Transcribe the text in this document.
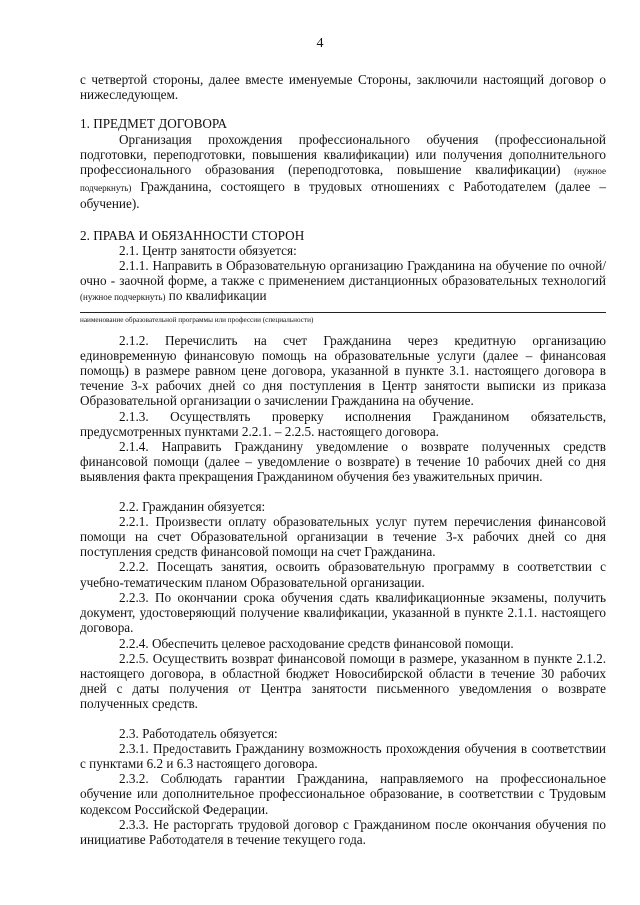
4

с четвертой стороны, далее вместе именуемые Стороны, заключили настоящий договор о нижеследующем.

1. ПРЕДМЕТ ДОГОВОРА

Организация прохождения профессионального обучения (профессиональной подготовки, переподготовки, повышения квалификации) или получения дополнительного профессионального образования (переподготовка, повышение квалификации) (нужное подчеркнуть) Гражданина, состоящего в трудовых отношениях с Работодателем (далее – обучение).

2. ПРАВА И ОБЯЗАННОСТИ СТОРОН

2.1. Центр занятости обязуется:

2.1.1. Направить в Образовательную организацию Гражданина на обучение по очной/очно - заочной форме, а также с применением дистанционных образовательных технологий (нужное подчеркнуть) по квалификации

наименование образовательной программы или профессии (специальности)

2.1.2. Перечислить на счет Гражданина через кредитную организацию единовременную финансовую помощь на образовательные услуги (далее – финансовая помощь) в размере равном цене договора, указанной в пункте 3.1. настоящего договора в течение 3-х рабочих дней со дня поступления в Центр занятости выписки из приказа Образовательной организации о зачислении Гражданина на обучение.

2.1.3. Осуществлять проверку исполнения Гражданином обязательств, предусмотренных пунктами 2.2.1. – 2.2.5. настоящего договора.

2.1.4. Направить Гражданину уведомление о возврате полученных средств финансовой помощи (далее – уведомление о возврате) в течение 10 рабочих дней со дня выявления факта прекращения Гражданином обучения без уважительных причин.

2.2. Гражданин обязуется:

2.2.1. Произвести оплату образовательных услуг путем перечисления финансовой помощи на счет Образовательной организации в течение 3-х рабочих дней со дня поступления средств финансовой помощи на счет Гражданина.

2.2.2. Посещать занятия, освоить образовательную программу в соответствии с учебно-тематическим планом Образовательной организации.

2.2.3. По окончании срока обучения сдать квалификационные экзамены, получить документ, удостоверяющий получение квалификации, указанной в пункте 2.1.1. настоящего договора.

2.2.4. Обеспечить целевое расходование средств финансовой помощи.

2.2.5. Осуществить возврат финансовой помощи в размере, указанном в пункте 2.1.2. настоящего договора, в областной бюджет Новосибирской области в течение 30 рабочих дней с даты получения от Центра занятости письменного уведомления о возврате полученных средств.

2.3. Работодатель обязуется:

2.3.1. Предоставить Гражданину возможность прохождения обучения в соответствии с пунктами 6.2 и 6.3 настоящего договора.

2.3.2. Соблюдать гарантии Гражданина, направляемого на профессиональное обучение или дополнительное профессиональное образование, в соответствии с Трудовым кодексом Российской Федерации.

2.3.3. Не расторгать трудовой договор с Гражданином после окончания обучения по инициативе Работодателя в течение текущего года.
